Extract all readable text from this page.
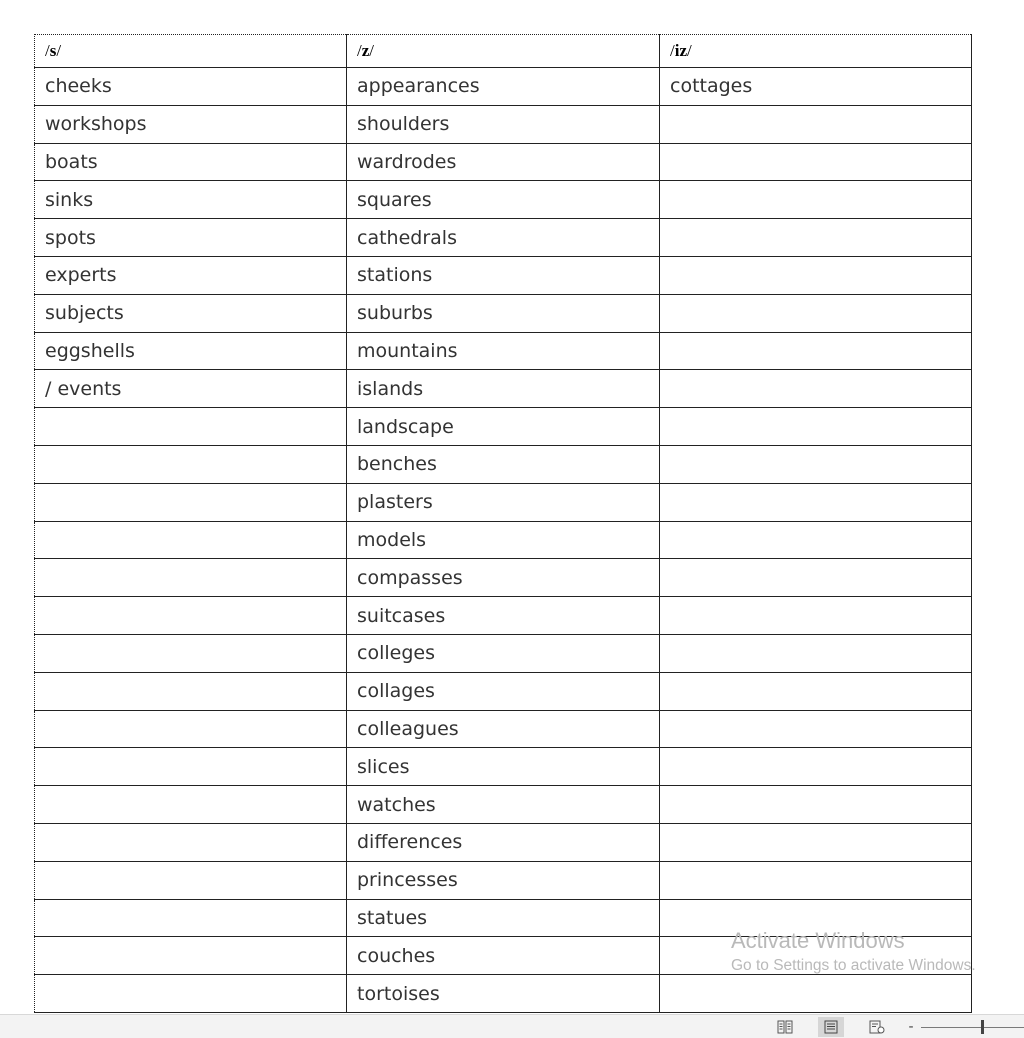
/s/	/z/	/iz/
cheeks	appearances	cottages
workshops	shoulders	
boats	wardrodes	
sinks	squares	
spots	cathedrals	
experts	stations	
subjects	suburbs	
eggshells	mountains	
/ events	islands	
	landscape	
	benches	
	plasters	
	models	
	compasses	
	suitcases	
	colleges	
	collages	
	colleagues	
	slices	
	watches	
	differences	
	princesses	
	statues	
	couches	
	tortoises	
Activate Windows
Go to Settings to activate Windows.
-
